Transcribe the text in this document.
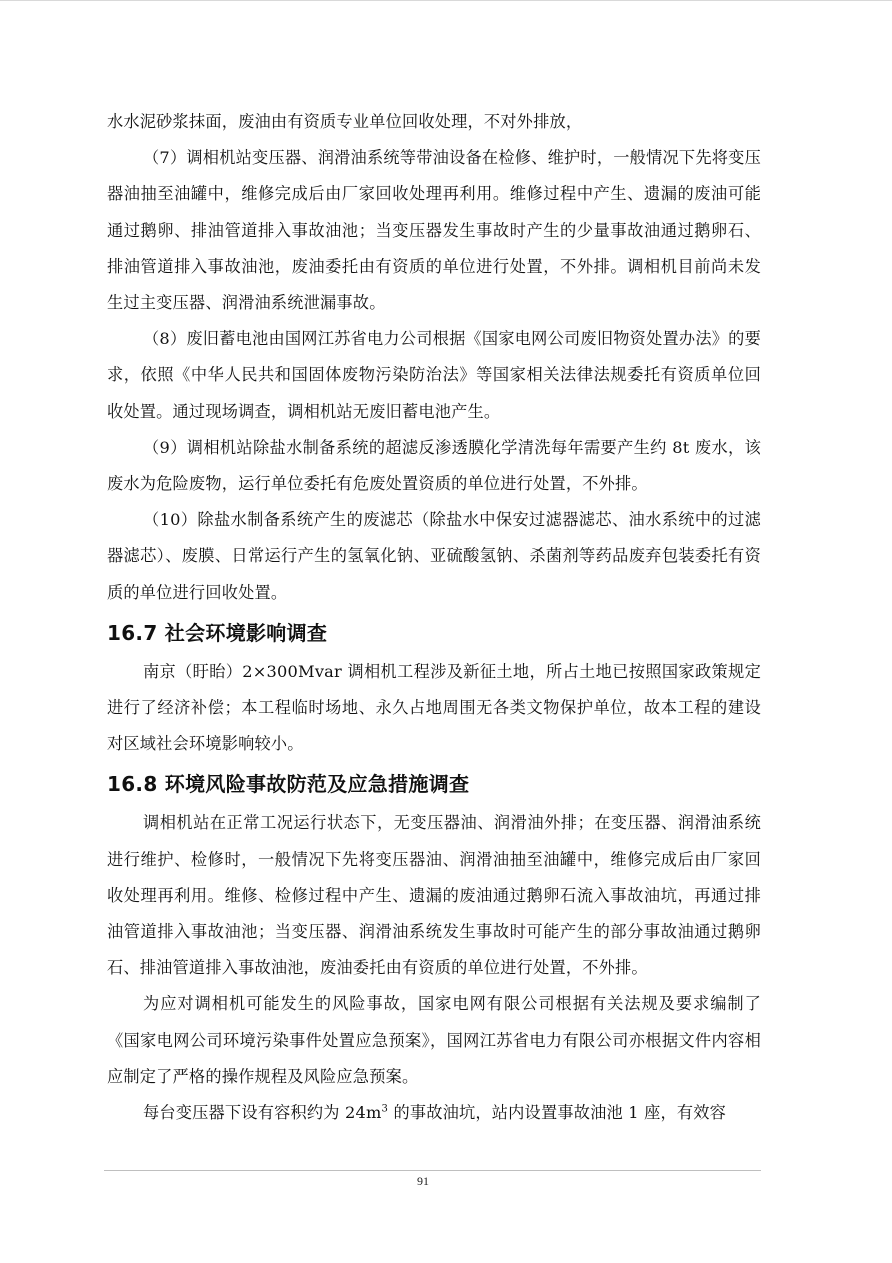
水水泥砂浆抹面，废油由有资质专业单位回收处理，不对外排放，

（7）调相机站变压器、润滑油系统等带油设备在检修、维护时，一般情况下先将变压器油抽至油罐中，维修完成后由厂家回收处理再利用。维修过程中产生、遗漏的废油可能通过鹅卵、排油管道排入事故油池；当变压器发生事故时产生的少量事故油通过鹅卵石、排油管道排入事故油池，废油委托由有资质的单位进行处置，不外排。调相机目前尚未发生过主变压器、润滑油系统泄漏事故。

（8）废旧蓄电池由国网江苏省电力公司根据《国家电网公司废旧物资处置办法》的要求，依照《中华人民共和国固体废物污染防治法》等国家相关法律法规委托有资质单位回收处置。通过现场调查，调相机站无废旧蓄电池产生。

（9）调相机站除盐水制备系统的超滤反渗透膜化学清洗每年需要产生约 8t 废水，该废水为危险废物，运行单位委托有危废处置资质的单位进行处置，不外排。

（10）除盐水制备系统产生的废滤芯（除盐水中保安过滤器滤芯、油水系统中的过滤器滤芯）、废膜、日常运行产生的氢氧化钠、亚硫酸氢钠、杀菌剂等药品废弃包装委托有资质的单位进行回收处置。

16.7 社会环境影响调查

南京（盱眙）2×300Mvar 调相机工程涉及新征土地，所占土地已按照国家政策规定进行了经济补偿；本工程临时场地、永久占地周围无各类文物保护单位，故本工程的建设对区域社会环境影响较小。

16.8 环境风险事故防范及应急措施调查

调相机站在正常工况运行状态下，无变压器油、润滑油外排；在变压器、润滑油系统进行维护、检修时，一般情况下先将变压器油、润滑油抽至油罐中，维修完成后由厂家回收处理再利用。维修、检修过程中产生、遗漏的废油通过鹅卵石流入事故油坑，再通过排油管道排入事故油池；当变压器、润滑油系统发生事故时可能产生的部分事故油通过鹅卵石、排油管道排入事故油池，废油委托由有资质的单位进行处置，不外排。

为应对调相机可能发生的风险事故，国家电网有限公司根据有关法规及要求编制了《国家电网公司环境污染事件处置应急预案》，国网江苏省电力有限公司亦根据文件内容相应制定了严格的操作规程及风险应急预案。

每台变压器下设有容积约为 $24m^3$ 的事故油坑，站内设置事故油池 1 座，有效容

91
